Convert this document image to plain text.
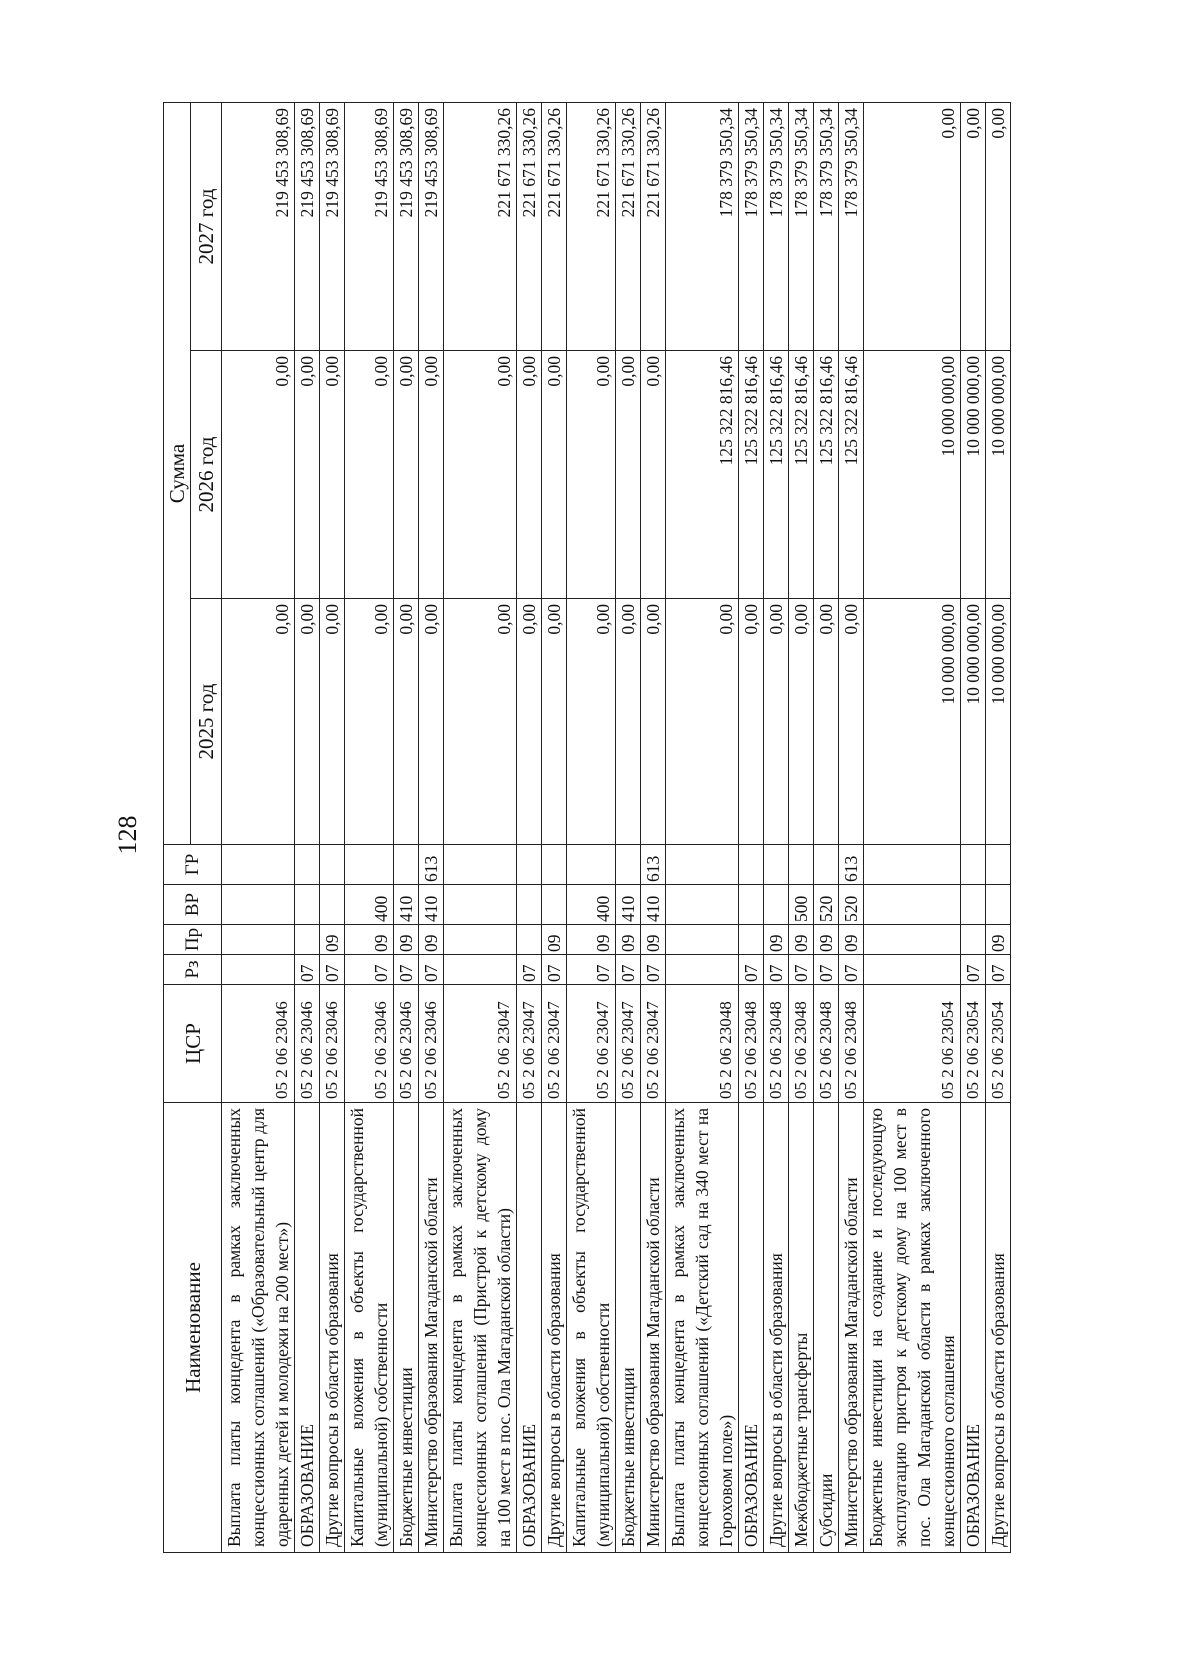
128
Наименование	ЦСР	Рз	Пр	ВР	ГР	Сумма		
						2025 год	2026 год	2027 год
Выплата платы концедента в рамках заключенных концессионных соглашений («Образовательный центр для одаренных детей и молодежи на 200 мест»)	05 2 06 23046					0,00	0,00	219 453 308,69
ОБРАЗОВАНИЕ	05 2 06 23046	07				0,00	0,00	219 453 308,69
Другие вопросы в области образования	05 2 06 23046	07	09			0,00	0,00	219 453 308,69
Капитальные вложения в объекты государственной (муниципальной) собственности	05 2 06 23046	07	09	400		0,00	0,00	219 453 308,69
Бюджетные инвестиции	05 2 06 23046	07	09	410		0,00	0,00	219 453 308,69
Министерство образования Магаданской области	05 2 06 23046	07	09	410	613	0,00	0,00	219 453 308,69
Выплата платы концедента в рамках заключенных концессионных соглашений (Пристрой к детскому дому на 100 мест в пос. Ола Магаданской области)	05 2 06 23047					0,00	0,00	221 671 330,26
ОБРАЗОВАНИЕ	05 2 06 23047	07				0,00	0,00	221 671 330,26
Другие вопросы в области образования	05 2 06 23047	07	09			0,00	0,00	221 671 330,26
Капитальные вложения в объекты государственной (муниципальной) собственности	05 2 06 23047	07	09	400		0,00	0,00	221 671 330,26
Бюджетные инвестиции	05 2 06 23047	07	09	410		0,00	0,00	221 671 330,26
Министерство образования Магаданской области	05 2 06 23047	07	09	410	613	0,00	0,00	221 671 330,26
Выплата платы концедента в рамках заключенных концессионных соглашений («Детский сад на 340 мест на Гороховом поле»)	05 2 06 23048					0,00	125 322 816,46	178 379 350,34
ОБРАЗОВАНИЕ	05 2 06 23048	07				0,00	125 322 816,46	178 379 350,34
Другие вопросы в области образования	05 2 06 23048	07	09			0,00	125 322 816,46	178 379 350,34
Межбюджетные трансферты	05 2 06 23048	07	09	500		0,00	125 322 816,46	178 379 350,34
Субсидии	05 2 06 23048	07	09	520		0,00	125 322 816,46	178 379 350,34
Министерство образования Магаданской области	05 2 06 23048	07	09	520	613	0,00	125 322 816,46	178 379 350,34
Бюджетные инвестиции на создание и последующую эксплуатацию пристроя к детскому дому на 100 мест в пос. Ола Магаданской области в рамках заключенного концессионного соглашения	05 2 06 23054					10 000 000,00	10 000 000,00	0,00
ОБРАЗОВАНИЕ	05 2 06 23054	07				10 000 000,00	10 000 000,00	0,00
Другие вопросы в области образования	05 2 06 23054	07	09			10 000 000,00	10 000 000,00	0,00
